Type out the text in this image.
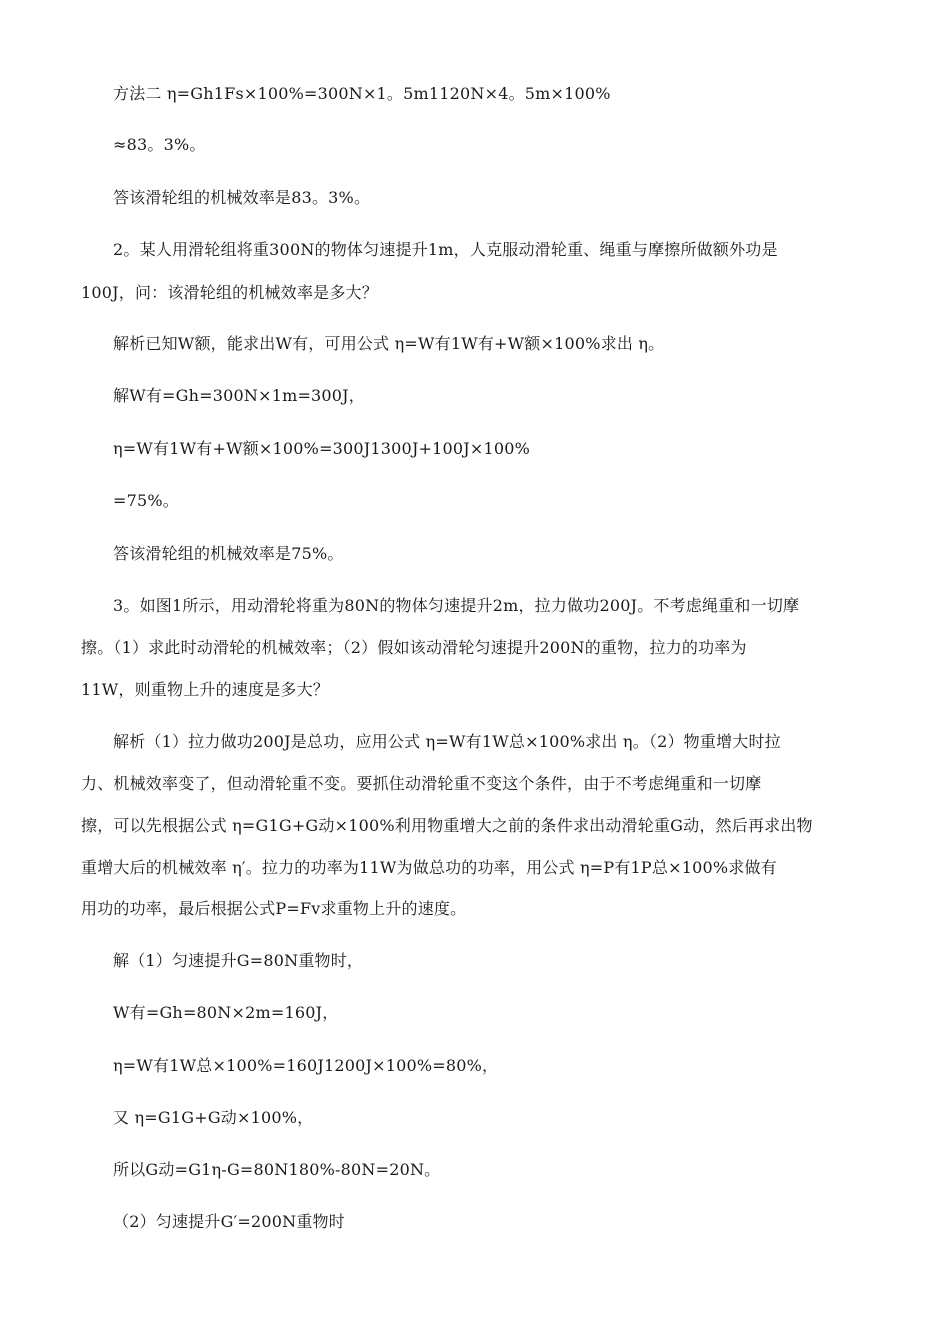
方法二 η=Gh1Fs×100%=300N×1。5m1120N×4。5m×100%
≈83。3%。
答该滑轮组的机械效率是83。3%。
2。某人用滑轮组将重300N的物体匀速提升1m，人克服动滑轮重、绳重与摩擦所做额外功是
100J，问：该滑轮组的机械效率是多大？
解析已知W额，能求出W有，可用公式 η=W有1W有+W额×100%求出 η。
解W有=Gh=300N×1m=300J，
η=W有1W有+W额×100%=300J1300J+100J×100%
=75%。
答该滑轮组的机械效率是75%。
3。如图1所示，用动滑轮将重为80N的物体匀速提升2m，拉力做功200J。不考虑绳重和一切摩
擦。（1）求此时动滑轮的机械效率；（2）假如该动滑轮匀速提升200N的重物，拉力的功率为
11W，则重物上升的速度是多大？
解析（1）拉力做功200J是总功，应用公式 η=W有1W总×100%求出 η。（2）物重增大时拉
力、机械效率变了，但动滑轮重不变。要抓住动滑轮重不变这个条件，由于不考虑绳重和一切摩
擦，可以先根据公式 η=G1G+G动×100%利用物重增大之前的条件求出动滑轮重G动，然后再求出物
重增大后的机械效率 η′。拉力的功率为11W为做总功的功率，用公式 η=P有1P总×100%求做有
用功的功率，最后根据公式P=Fv求重物上升的速度。
解（1）匀速提升G=80N重物时，
W有=Gh=80N×2m=160J，
η=W有1W总×100%=160J1200J×100%=80%，
又 η=G1G+G动×100%，
所以G动=G1η-G=80N180%-80N=20N。
（2）匀速提升G′=200N重物时
